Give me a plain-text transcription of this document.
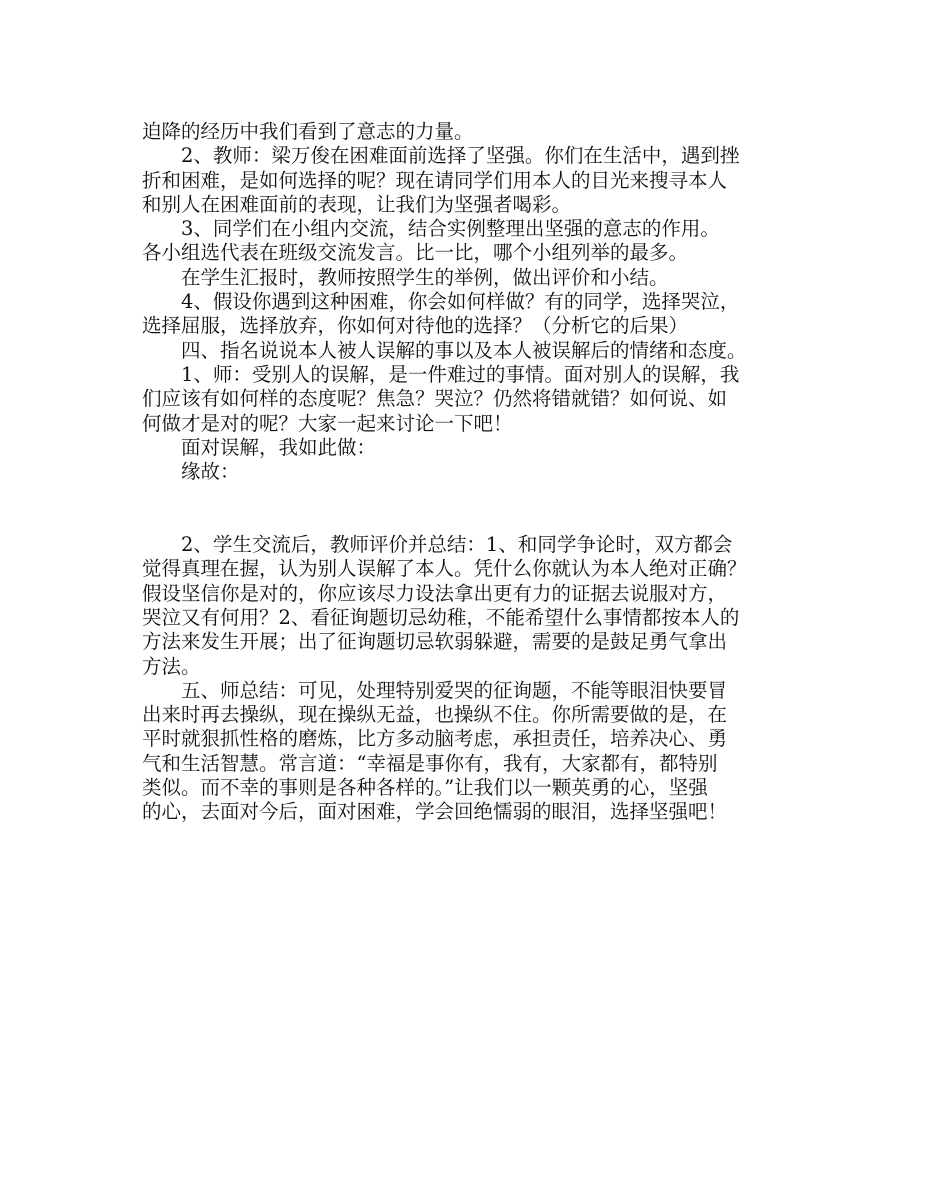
迫降的经历中我们看到了意志的力量。
2、教师：梁万俊在困难面前选择了坚强。你们在生活中，遇到挫
折和困难，是如何选择的呢？现在请同学们用本人的目光来搜寻本人
和别人在困难面前的表现，让我们为坚强者喝彩。
3、同学们在小组内交流，结合实例整理出坚强的意志的作用。
各小组选代表在班级交流发言。比一比，哪个小组列举的最多。
在学生汇报时，教师按照学生的举例，做出评价和小结。
4、假设你遇到这种困难，你会如何样做？有的同学，选择哭泣，
选择屈服，选择放弃，你如何对待他的选择？（分析它的后果）
四、指名说说本人被人误解的事以及本人被误解后的情绪和态度。
1、师：受别人的误解，是一件难过的事情。面对别人的误解，我
们应该有如何样的态度呢？焦急？哭泣？仍然将错就错？如何说、如
何做才是对的呢？大家一起来讨论一下吧！
面对误解，我如此做：
缘故：
2、学生交流后，教师评价并总结：1、和同学争论时，双方都会
觉得真理在握，认为别人误解了本人。凭什么你就认为本人绝对正确？
假设坚信你是对的，你应该尽力设法拿出更有力的证据去说服对方，
哭泣又有何用？2、看征询题切忌幼稚，不能希望什么事情都按本人的
方法来发生开展；出了征询题切忌软弱躲避，需要的是鼓足勇气拿出
方法。
五、师总结：可见，处理特别爱哭的征询题，不能等眼泪快要冒
出来时再去操纵，现在操纵无益，也操纵不住。你所需要做的是，在
平时就狠抓性格的磨炼，比方多动脑考虑，承担责任，培养决心、勇
气和生活智慧。常言道：“幸福是事你有，我有，大家都有，都特别
类似。而不幸的事则是各种各样的。”让我们以一颗英勇的心，坚强
的心，去面对今后，面对困难，学会回绝懦弱的眼泪，选择坚强吧！
